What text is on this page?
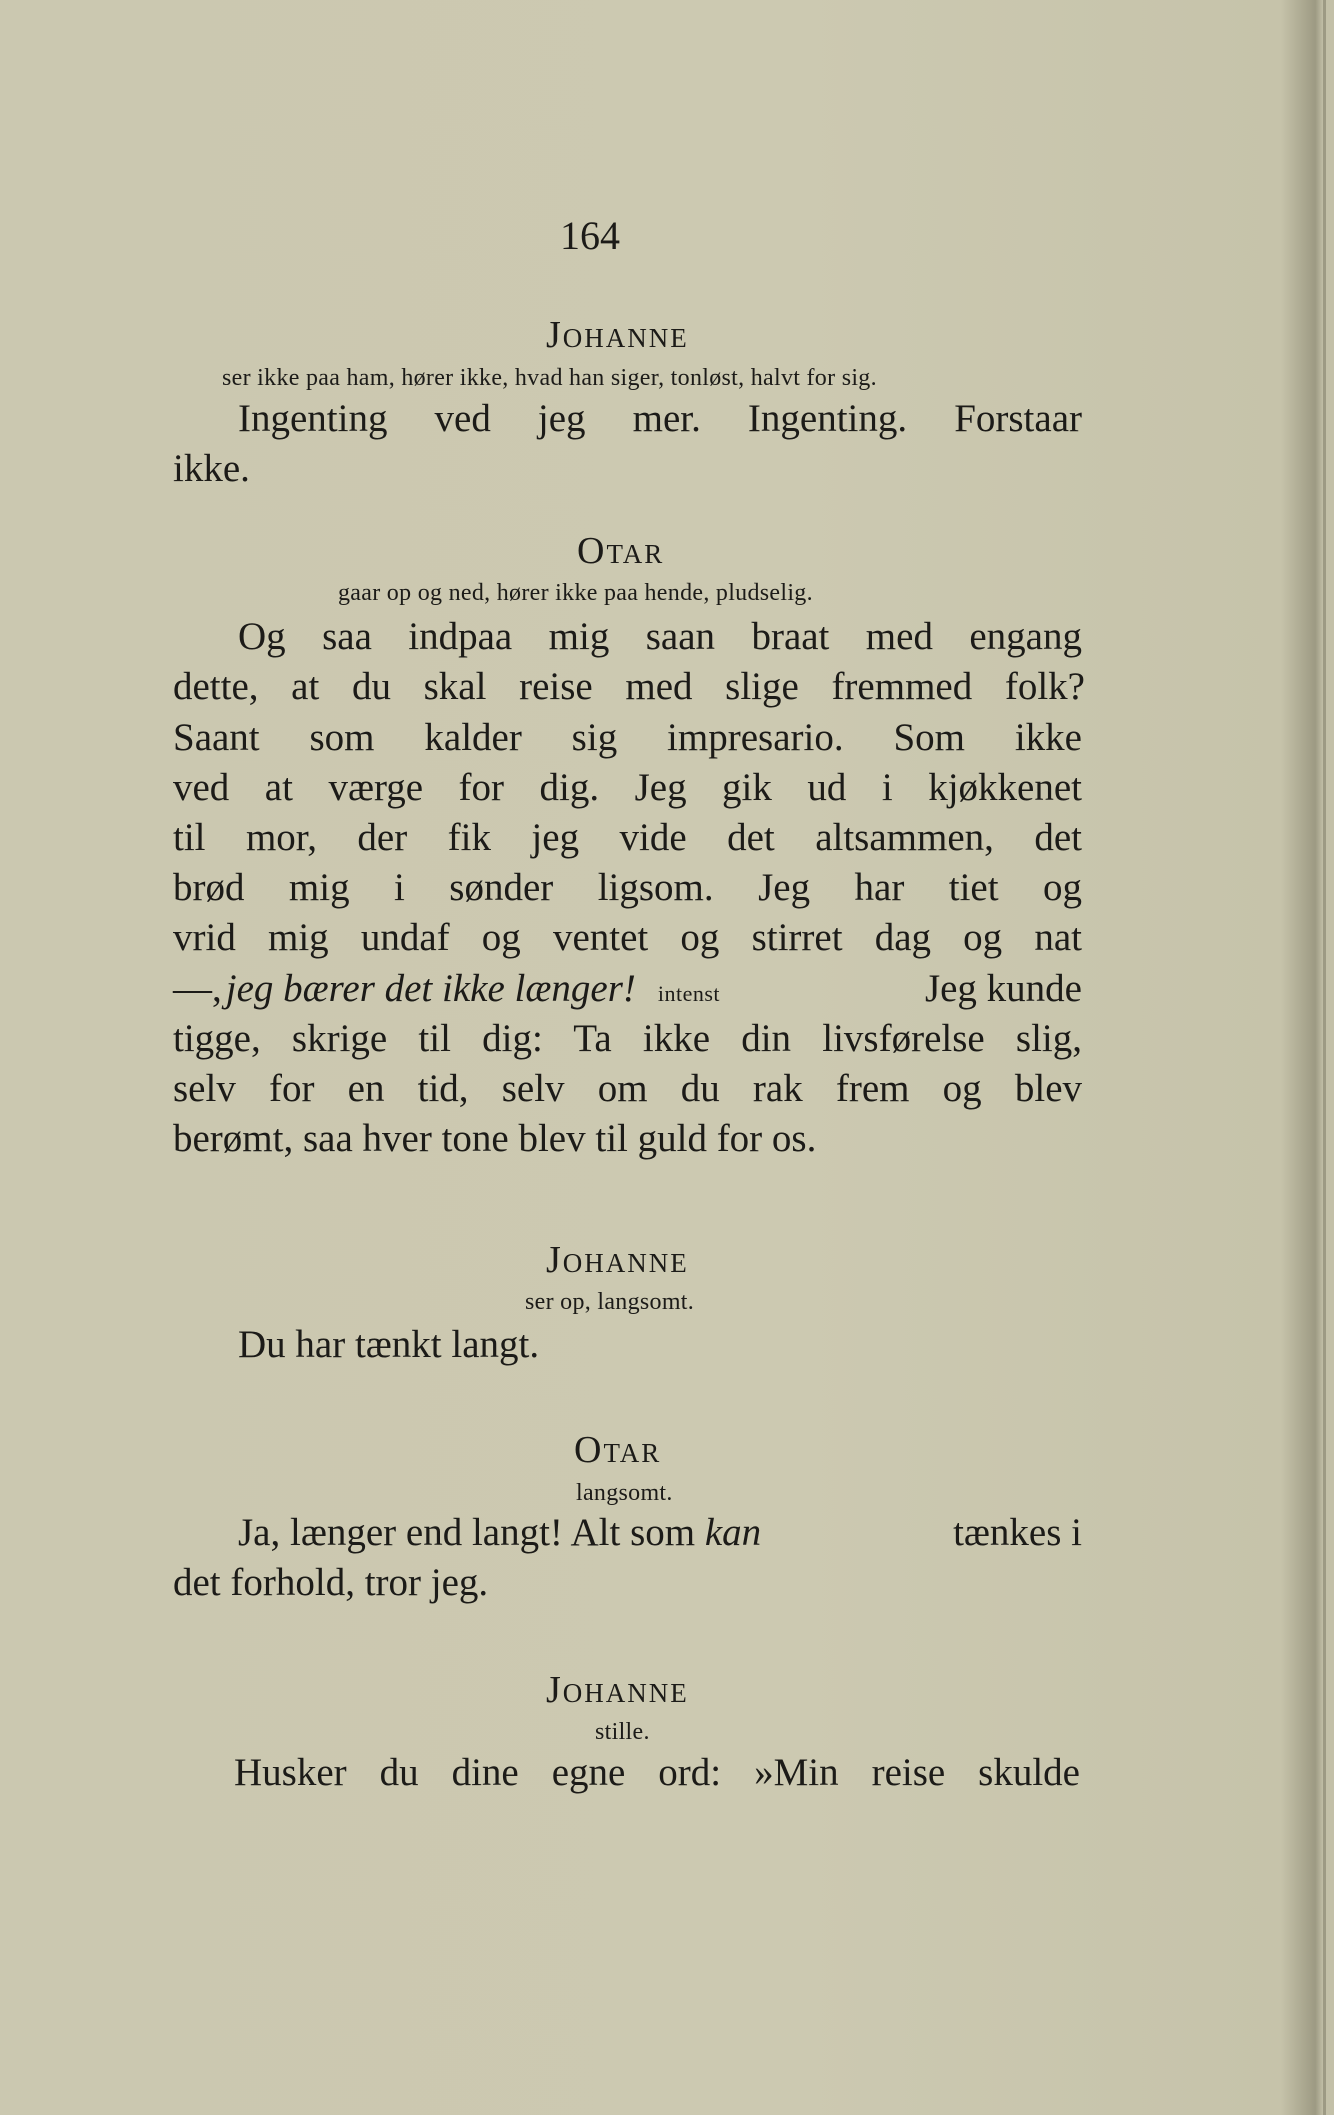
164
Johanne
ser ikke paa ham, hører ikke, hvad han siger, tonløst, halvt for sig.

Ingenting ved jeg mer. Ingenting. Forstaar

ikke.

Otar
gaar op og ned, hører ikke paa hende, pludselig.

Og saa indpaa mig saan braat med engang

dette, at du skal reise med slige fremmed folk?

Saant som kalder sig impresario. Som ikke

ved at værge for dig. Jeg gik ud i kjøkkenet

til mor, der fik jeg vide det altsammen, det

brød mig i sønder ligsom. Jeg har tiet og

vrid mig undaf og ventet og stirret dag og nat

—, jeg bærer det ikke længer! intenst	Jeg kunde

tigge, skrige til dig: Ta ikke din livsførelse slig,

selv for en tid, selv om du rak frem og blev

berømt, saa hver tone blev til guld for os.

Johanne
ser op, langsomt.

Du har tænkt langt.

Otar
langsomt.

Ja, længer end langt! Alt som kan	tænkes i

det forhold, tror jeg.

Johanne
stille.

Husker du dine egne ord: »Min reise skulde
